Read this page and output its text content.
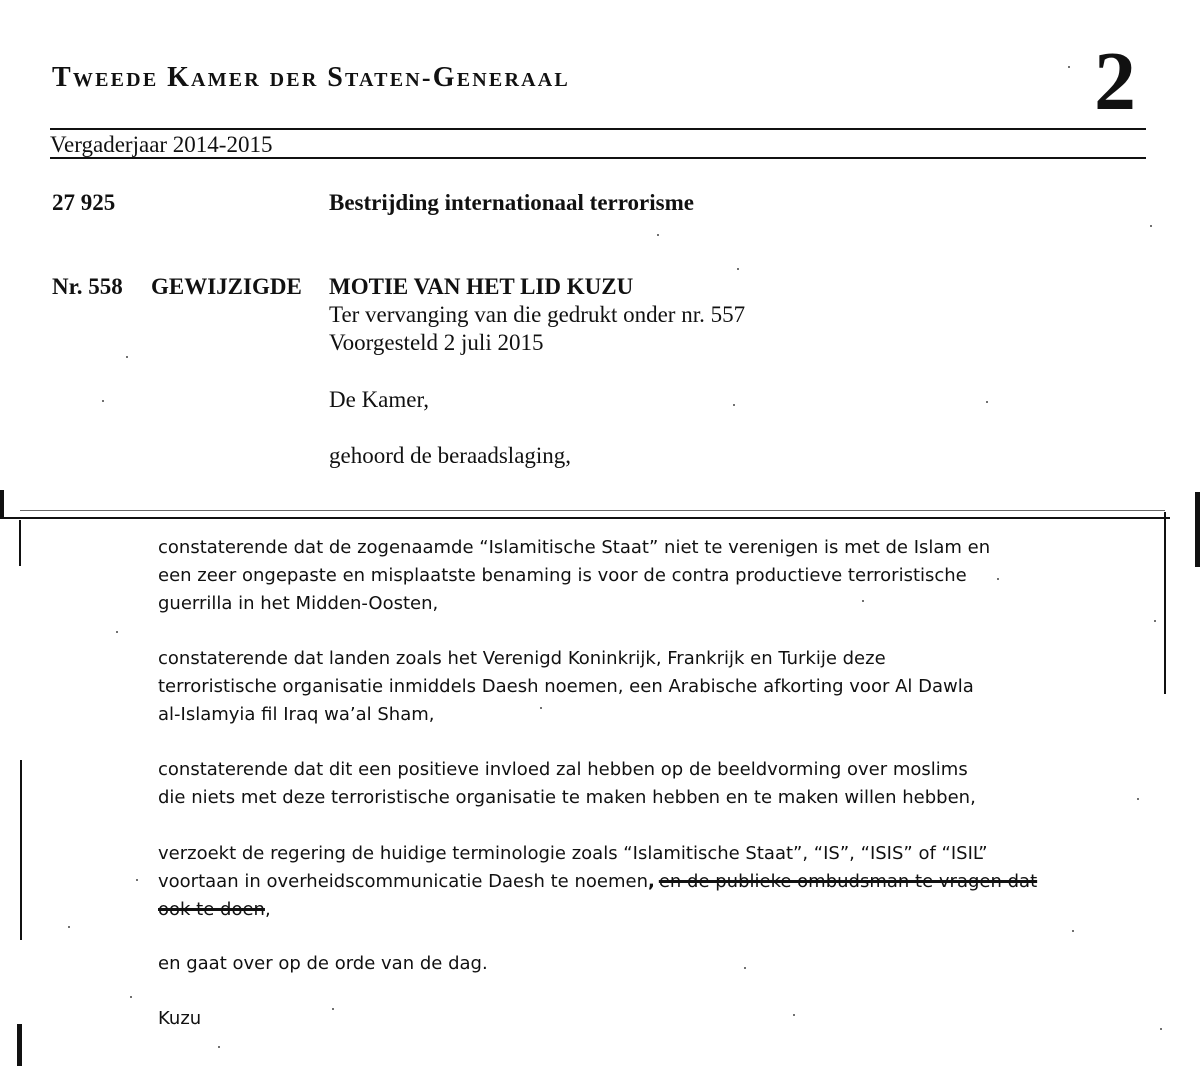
TWEEDE KAMER DER STATEN-GENERAAL	2
Vergaderjaar 2014-2015
27 925	Bestrijding internationaal terrorisme
Nr. 558 GEWIJZIGDE MOTIE VAN HET LID KUZU
Ter vervanging van die gedrukt onder nr. 557
Voorgesteld 2 juli 2015
De Kamer,
gehoord de beraadslaging,
constaterende dat de zogenaamde “Islamitische Staat” niet te verenigen is met de Islam en
een zeer ongepaste en misplaatste benaming is voor de contra productieve terroristische
guerrilla in het Midden-Oosten,
constaterende dat landen zoals het Verenigd Koninkrijk, Frankrijk en Turkije deze
terroristische organisatie inmiddels Daesh noemen, een Arabische afkorting voor Al Dawla
al-Islamyia fil Iraq wa’al Sham,
constaterende dat dit een positieve invloed zal hebben op de beeldvorming over moslims
die niets met deze terroristische organisatie te maken hebben en te maken willen hebben,
verzoekt de regering de huidige terminologie zoals “Islamitische Staat”, “IS”, “ISIS” of “ISIL”
voortaan in overheidscommunicatie Daesh te noemen, en de publieke ombudsman te vragen dat
ook te doen,
en gaat over op de orde van de dag.
Kuzu
